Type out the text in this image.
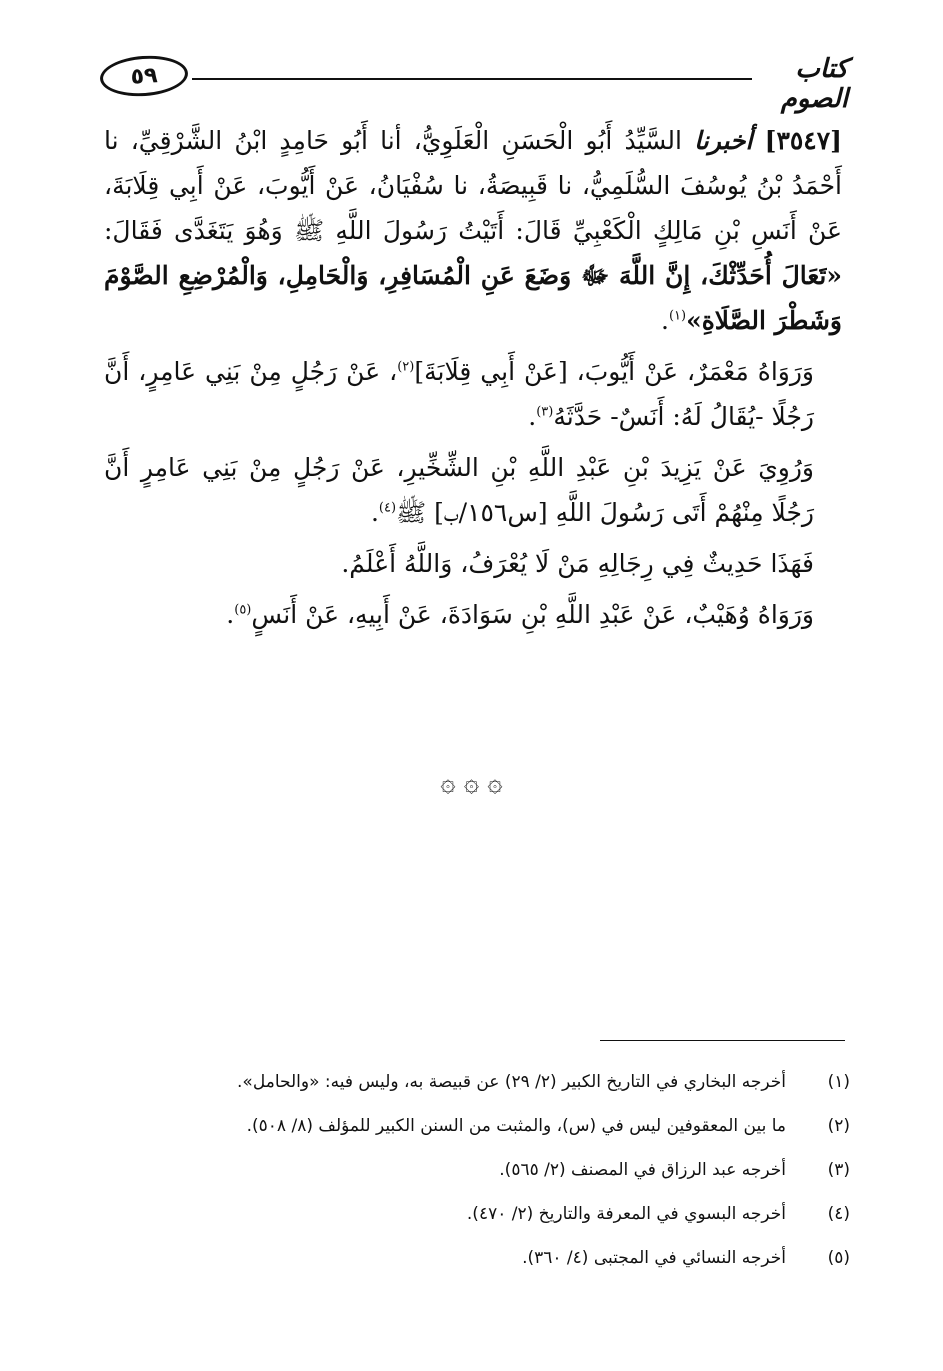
٥٩	كتاب الصوم

[٣٥٤٧] أخبرنا السَّيِّدُ أَبُو الْحَسَنِ الْعَلَوِيُّ، أنا أَبُو حَامِدٍ ابْنُ الشَّرْقِيِّ، نا أَحْمَدُ بْنُ يُوسُفَ السُّلَمِيُّ، نا قَبِيصَةُ، نا سُفْيَانُ، عَنْ أَيُّوبَ، عَنْ أَبِي قِلَابَةَ، عَنْ أَنَسِ بْنِ مَالِكٍ الْكَعْبِيِّ قَالَ: أَتَيْتُ رَسُولَ اللَّهِ ﷺ وَهُوَ يَتَغَدَّى فَقَالَ: «تَعَالَ أُحَدِّثْكَ، إِنَّ اللَّهَ ﷻ وَضَعَ عَنِ الْمُسَافِرِ، وَالْحَامِلِ، وَالْمُرْضِعِ الصَّوْمَ وَشَطْرَ الصَّلَاةِ»$^{(١)}$.

وَرَوَاهُ مَعْمَرٌ، عَنْ أَيُّوبَ، [عَنْ أَبِي قِلَابَةَ]$^{(٢)}$، عَنْ رَجُلٍ مِنْ بَنِي عَامِرٍ، أَنَّ رَجُلًا -يُقَالُ لَهُ: أَنَسٌ- حَدَّثَهُ$^{(٣)}$.

وَرُوِيَ عَنْ يَزِيدَ بْنِ عَبْدِ اللَّهِ بْنِ الشِّخِّيرِ، عَنْ رَجُلٍ مِنْ بَنِي عَامِرٍ أَنَّ رَجُلًا مِنْهُمْ أَتَى رَسُولَ اللَّهِ [س١٥٦/ب] ﷺ$^{(٤)}$.

فَهَذَا حَدِيثٌ فِي رِجَالِهِ مَنْ لَا يُعْرَفُ، وَاللَّهُ أَعْلَمُ.

وَرَوَاهُ وُهَيْبٌ، عَنْ عَبْدِ اللَّهِ بْنِ سَوَادَةَ، عَنْ أَبِيهِ، عَنْ أَنَسٍ$^{(٥)}$.

۞ ۞ ۞
(١)
أخرجه البخاري في التاريخ الكبير (٢/ ٢٩) عن قبيصة به، وليس فيه: «والحامل».
(٢)
ما بين المعقوفين ليس في (س)، والمثبت من السنن الكبير للمؤلف (٨/ ٥٠٨).
(٣)
أخرجه عبد الرزاق في المصنف (٢/ ٥٦٥).
(٤)
أخرجه البسوي في المعرفة والتاريخ (٢/ ٤٧٠).
(٥)
أخرجه النسائي في المجتبى (٤/ ٣٦٠).
